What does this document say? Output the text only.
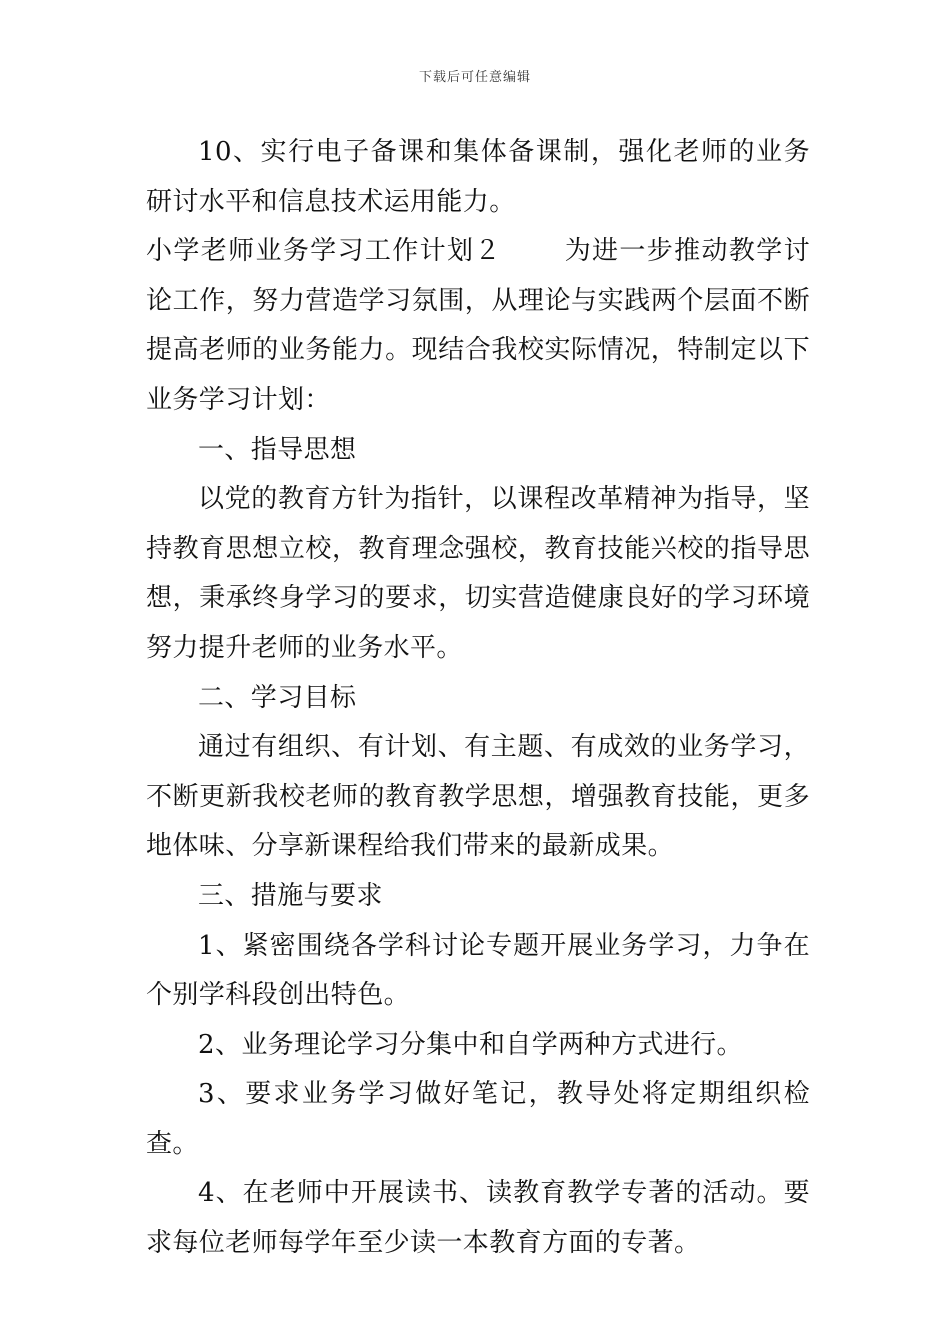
下载后可任意编辑

10、实行电子备课和集体备课制，强化老师的业务研讨水平和信息技术运用能力。

小学老师业务学习工作计划２ 为进一步推动教学讨论工作，努力营造学习氛围，从理论与实践两个层面不断提高老师的业务能力。现结合我校实际情况，特制定以下业务学习计划：

一、指导思想

以党的教育方针为指针，以课程改革精神为指导，坚持教育思想立校，教育理念强校，教育技能兴校的指导思想，秉承终身学习的要求，切实营造健康良好的学习环境努力提升老师的业务水平。

二、学习目标

通过有组织、有计划、有主题、有成效的业务学习，不断更新我校老师的教育教学思想，增强教育技能，更多地体味、分享新课程给我们带来的最新成果。

三、措施与要求

1、紧密围绕各学科讨论专题开展业务学习，力争在个别学科段创出特色。

2、业务理论学习分集中和自学两种方式进行。

3、要求业务学习做好笔记，教导处将定期组织检查。

4、在老师中开展读书、读教育教学专著的活动。要求每位老师每学年至少读一本教育方面的专著。
